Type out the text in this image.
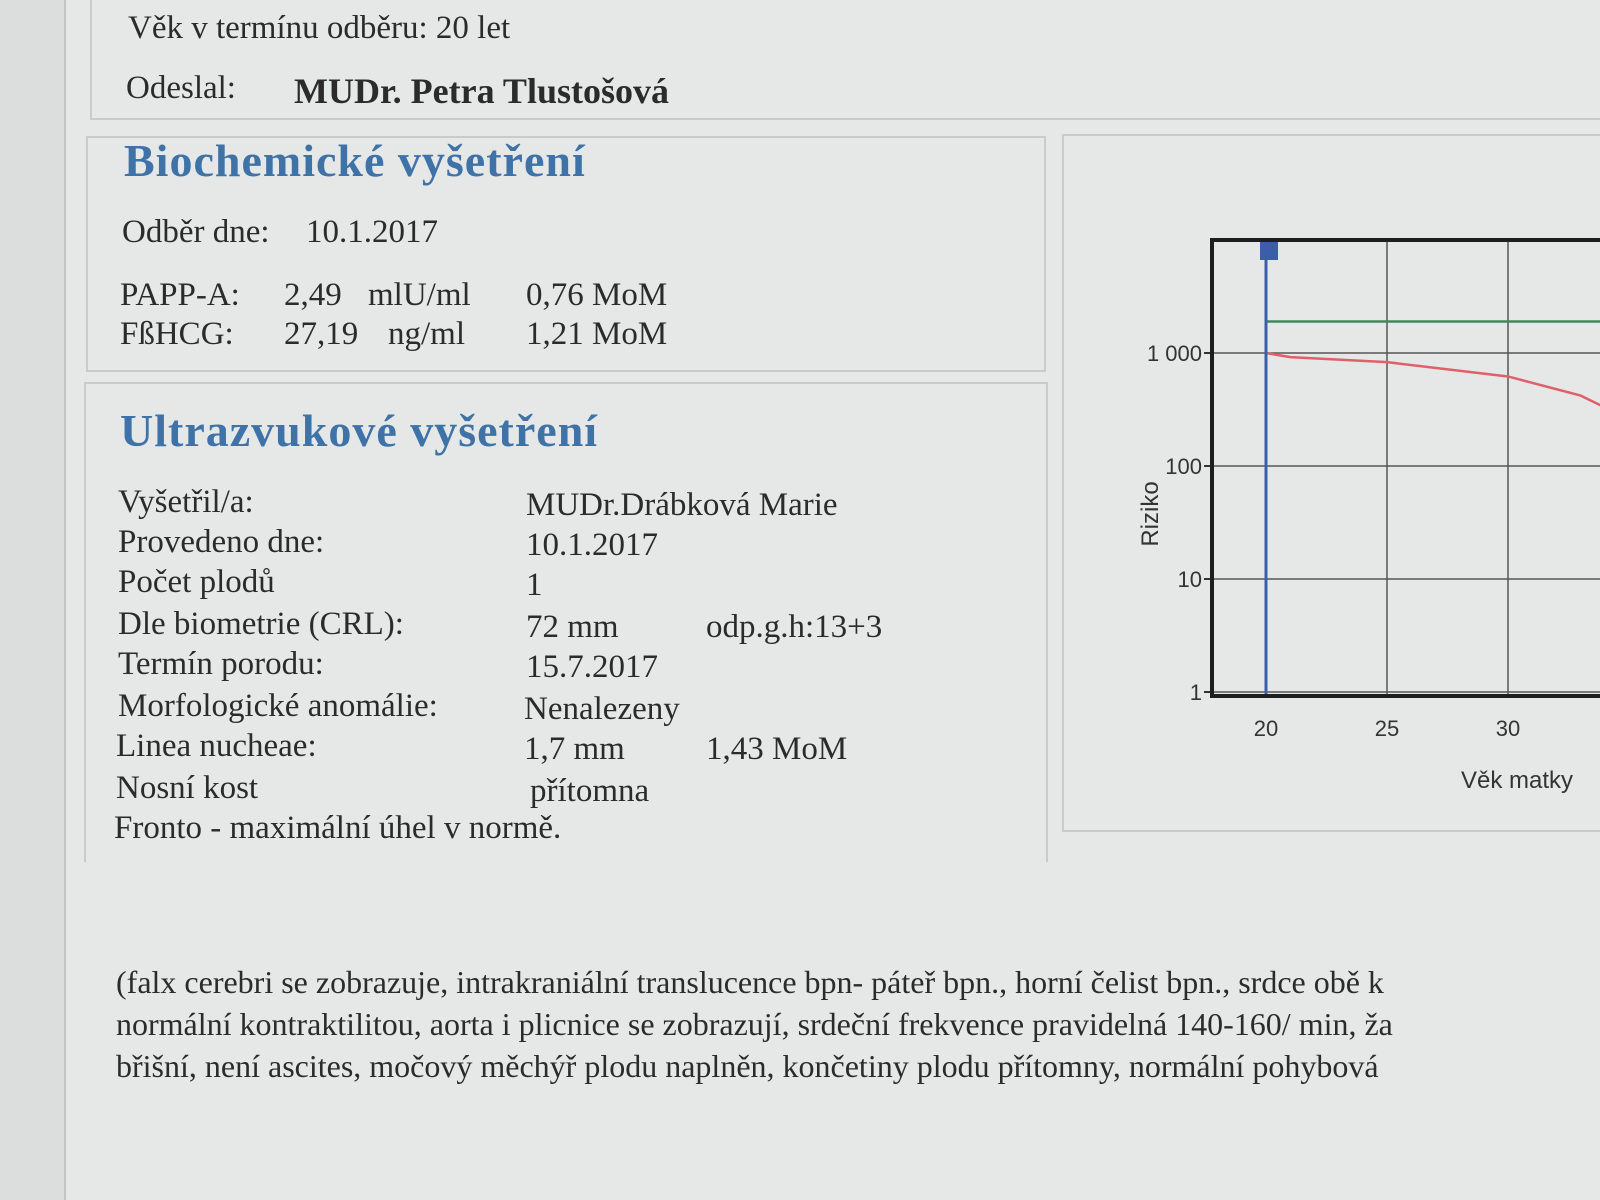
Věk v termínu odběru: 20 let
Odeslal: MUDr. Petra Tlustošová
Biochemické vyšetření
Odběr dne: 10.1.2017
PAPP-A: 2,49 mlU/ml 0,76 MoM
FßHCG: 27,19 ng/ml 1,21 MoM
Ultrazvukové vyšetření
Vyšetřil/a:	MUDr.Drábková Marie
Provedeno dne:	10.1.2017
Počet plodů	1
Dle biometrie (CRL):	72 mm	odp.g.h:13+3
Termín porodu:	15.7.2017
Morfologické anomálie:	Nenalezeny
Linea nucheae:	1,7 mm 1,43 MoM
Nosní kost	přítomna
Fronto - maximální úhel v normě.
Riziko
Věk matky
1 000
100
10
1
20	25	30
(falx cerebri se zobrazuje, intrakraniální translucence bpn- páteř bpn., horní čelist bpn., srdce obě k
normální kontraktilitou, aorta i plicnice se zobrazují, srdeční frekvence pravidelná 140-160/ min, ža
břišní, není ascites, močový měchýř plodu naplněn, končetiny plodu přítomny, normální pohybová
